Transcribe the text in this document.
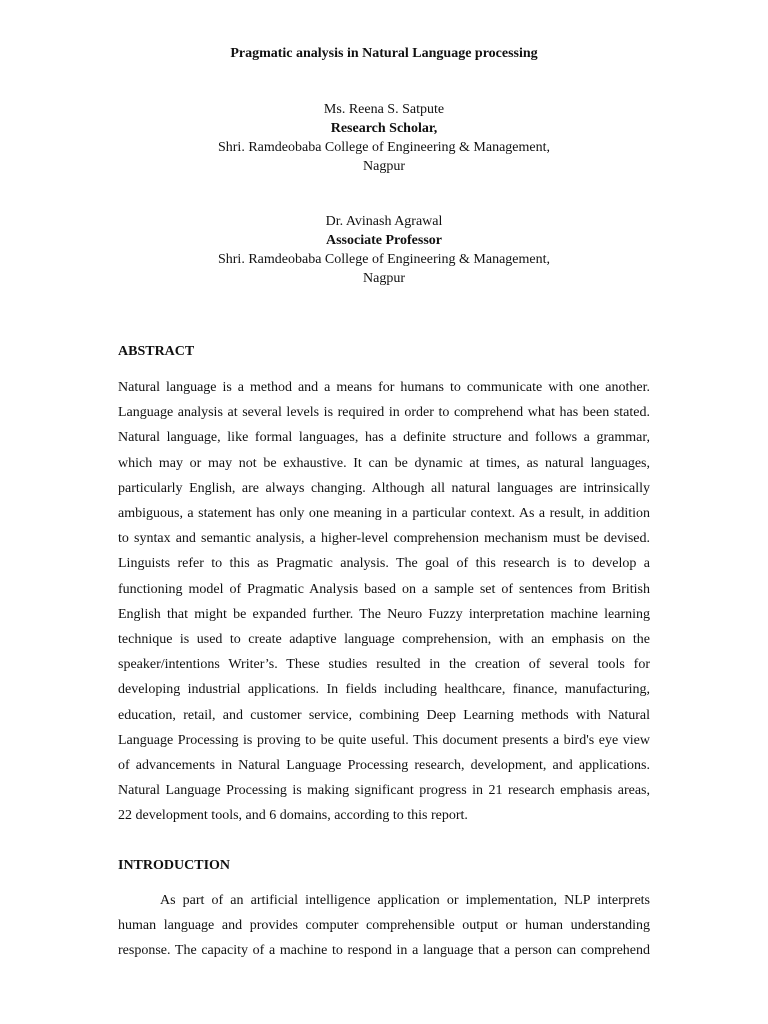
Pragmatic analysis in Natural Language processing
Ms. Reena S. Satpute
Research Scholar,
Shri. Ramdeobaba College of Engineering & Management,
Nagpur
Dr. Avinash Agrawal
Associate Professor
Shri. Ramdeobaba College of Engineering & Management,
Nagpur
ABSTRACT
Natural language is a method and a means for humans to communicate with one another.
Language analysis at several levels is required in order to comprehend what has been stated.
Natural language, like formal languages, has a definite structure and follows a grammar,
which may or may not be exhaustive. It can be dynamic at times, as natural languages,
particularly English, are always changing. Although all natural languages are intrinsically
ambiguous, a statement has only one meaning in a particular context. As a result, in addition
to syntax and semantic analysis, a higher-level comprehension mechanism must be devised.
Linguists refer to this as Pragmatic analysis. The goal of this research is to develop a
functioning model of Pragmatic Analysis based on a sample set of sentences from British
English that might be expanded further. The Neuro Fuzzy interpretation machine learning
technique is used to create adaptive language comprehension, with an emphasis on the
speaker/intentions Writer’s. These studies resulted in the creation of several tools for
developing industrial applications. In fields including healthcare, finance, manufacturing,
education, retail, and customer service, combining Deep Learning methods with Natural
Language Processing is proving to be quite useful. This document presents a bird's eye view
of advancements in Natural Language Processing research, development, and applications.
Natural Language Processing is making significant progress in 21 research emphasis areas,
22 development tools, and 6 domains, according to this report.
INTRODUCTION
As part of an artificial intelligence application or implementation, NLP interprets
human language and provides computer comprehensible output or human understanding
response. The capacity of a machine to respond in a language that a person can comprehend
